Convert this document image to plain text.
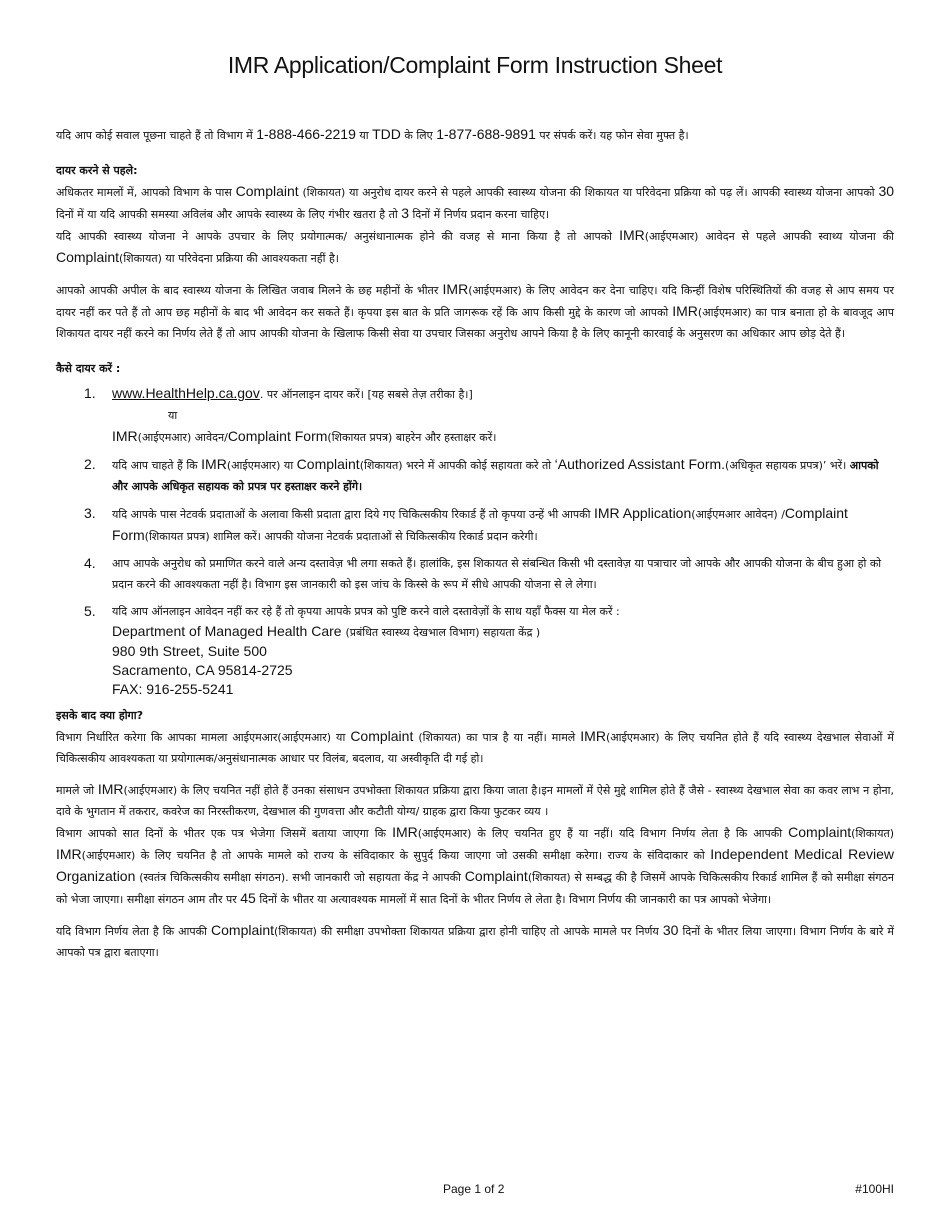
IMR Application/Complaint Form Instruction Sheet

यदि आप कोई सवाल पूछना चाहते हैं तो विभाग में 1-888-466-2219 या TDD के लिए 1-877-688-9891 पर संपर्क करें। यह फोन सेवा मुफ्त है।

दायर करने से पहले:

अधिकतर मामलों में, आपको विभाग के पास Complaint (शिकायत) या अनुरोध दायर करने से पहले आपकी स्वास्थ्य योजना की शिकायत या परिवेदना प्रक्रिया को पढ़ लें। आपकी स्वास्थ्य योजना आपको 30 दिनों में या यदि आपकी समस्या अविलंब और आपके स्वास्थ्य के लिए गंभीर खतरा है तो 3 दिनों में निर्णय प्रदान करना चाहिए।

यदि आपकी स्वास्थ्य योजना ने आपके उपचार के लिए प्रयोगात्मक/ अनुसंधानात्मक होने की वजह से माना किया है तो आपको IMR(आईएमआर) आवेदन से पहले आपकी स्वाथ्य योजना की Complaint(शिकायत) या परिवेदना प्रक्रिया की आवश्यकता नहीं है।

आपको आपकी अपील के बाद स्वास्थ्य योजना के लिखित जवाब मिलने के छह महीनों के भीतर IMR(आईएमआर) के लिए आवेदन कर देना चाहिए। यदि किन्हीं विशेष परिस्थितियों की वजह से आप समय पर दायर नहीं कर पते हैं तो आप छह महीनों के बाद भी आवेदन कर सकते हैं। कृपया इस बात के प्रति जागरूक रहें कि आप किसी मुद्दे के कारण जो आपको IMR(आईएमआर) का पात्र बनाता हो के बावजूद आप शिकायत दायर नहीं करने का निर्णय लेते हैं तो आप आपकी योजना के खिलाफ किसी सेवा या उपचार जिसका अनुरोध आपने किया है के लिए कानूनी कारवाई के अनुसरण का अधिकार आप छोड़ देते हैं।

कैसे दायर करें :

1. www.HealthHelp.ca.gov. पर ऑनलाइन दायर करें। [यह सबसे तेज़ तरीका है।]
या
IMR(आईएमआर) आवेदन/Complaint Form(शिकायत प्रपत्र) बाहरेन और हस्ताक्षर करें।
2. यदि आप चाहते हैं कि IMR(आईएमआर) या Complaint(शिकायत) भरने में आपकी कोई सहायता करे तो ‘Authorized Assistant Form.(अधिकृत सहायक प्रपत्र)’ भरें। आपको और आपके अधिकृत सहायक को प्रपत्र पर हस्ताक्षर करने होंगे।
3. यदि आपके पास नेटवर्क प्रदाताओं के अलावा किसी प्रदाता द्वारा दिये गए चिकित्सकीय रिकार्ड हैं तो कृपया उन्हें भी आपकी IMR Application(आईएमआर आवेदन) /Complaint Form(शिकायत प्रपत्र) शामिल करें। आपकी योजना नेटवर्क प्रदाताओं से चिकित्सकीय रिकार्ड प्रदान करेगी।
4. आप आपके अनुरोध को प्रमाणित करने वाले अन्य दस्तावेज़ भी लगा सकते हैं। हालांकि, इस शिकायत से संबन्धित किसी भी दस्तावेज़ या पत्राचार जो आपके और आपकी योजना के बीच हुआ हो को प्रदान करने की आवश्यकता नहीं है। विभाग इस जानकारी को इस जांच के किस्से के रूप में सीधे आपकी योजना से ले लेगा।
5. यदि आप ऑनलाइन आवेदन नहीं कर रहे हैं तो कृपया आपके प्रपत्र को पुष्टि करने वाले दस्तावेज़ों के साथ यहाँ फैक्स या मेल करें :
Department of Managed Health Care (प्रबंधित स्वास्थ्य देखभाल विभाग) सहायता केंद्र )
980 9th Street, Suite 500
Sacramento, CA 95814-2725
FAX: 916-255-5241

इसके बाद क्या होगा?

विभाग निर्धारित करेगा कि आपका मामला आईएमआर(आईएमआर) या Complaint (शिकायत) का पात्र है या नहीं। मामले IMR(आईएमआर) के लिए चयनित होते हैं यदि स्वास्थ्य देखभाल सेवाओं में चिकित्सकीय आवश्यकता या प्रयोगात्मक/अनुसंधानात्मक आधार पर विलंब, बदलाव, या अस्वीकृति दी गई हो।

मामले जो IMR(आईएमआर) के लिए चयनित नहीं होते हैं उनका संसाधन उपभोक्ता शिकायत प्रक्रिया द्वारा किया जाता है।इन मामलों में ऐसे मुद्दे शामिल होते हैं जैसे - स्वास्थ्य देखभाल सेवा का कवर लाभ न होना, दावे के भुगतान में तकरार, कवरेज का निरस्तीकरण, देखभाल की गुणवत्ता और कटौती योग्य/ ग्राहक द्वारा किया फुटकर व्यय ।

विभाग आपको सात दिनों के भीतर एक पत्र भेजेगा जिसमें बताया जाएगा कि IMR(आईएमआर) के लिए चयनित हुए हैं या नहीं। यदि विभाग निर्णय लेता है कि आपकी Complaint(शिकायत) IMR(आईएमआर) के लिए चयनित है तो आपके मामले को राज्य के संविदाकार के सुपुर्द किया जाएगा जो उसकी समीक्षा करेगा। राज्य के संविदाकार को Independent Medical Review Organization (स्वतंत्र चिकित्सकीय समीक्षा संगठन). सभी जानकारी जो सहायता केंद्र ने आपकी Complaint(शिकायत) से सम्बद्ध की है जिसमें आपके चिकित्सकीय रिकार्ड शामिल हैं को समीक्षा संगठन को भेजा जाएगा। समीक्षा संगठन आम तौर पर 45 दिनों के भीतर या अत्यावश्यक मामलों में सात दिनों के भीतर निर्णय ले लेता है। विभाग निर्णय की जानकारी का पत्र आपको भेजेगा।

यदि विभाग निर्णय लेता है कि आपकी Complaint(शिकायत) की समीक्षा उपभोक्ता शिकायत प्रक्रिया द्वारा होनी चाहिए तो आपके मामले पर निर्णय 30 दिनों के भीतर लिया जाएगा। विभाग निर्णय के बारे में आपको पत्र द्वारा बताएगा।

Page 1 of 2	#100HI
